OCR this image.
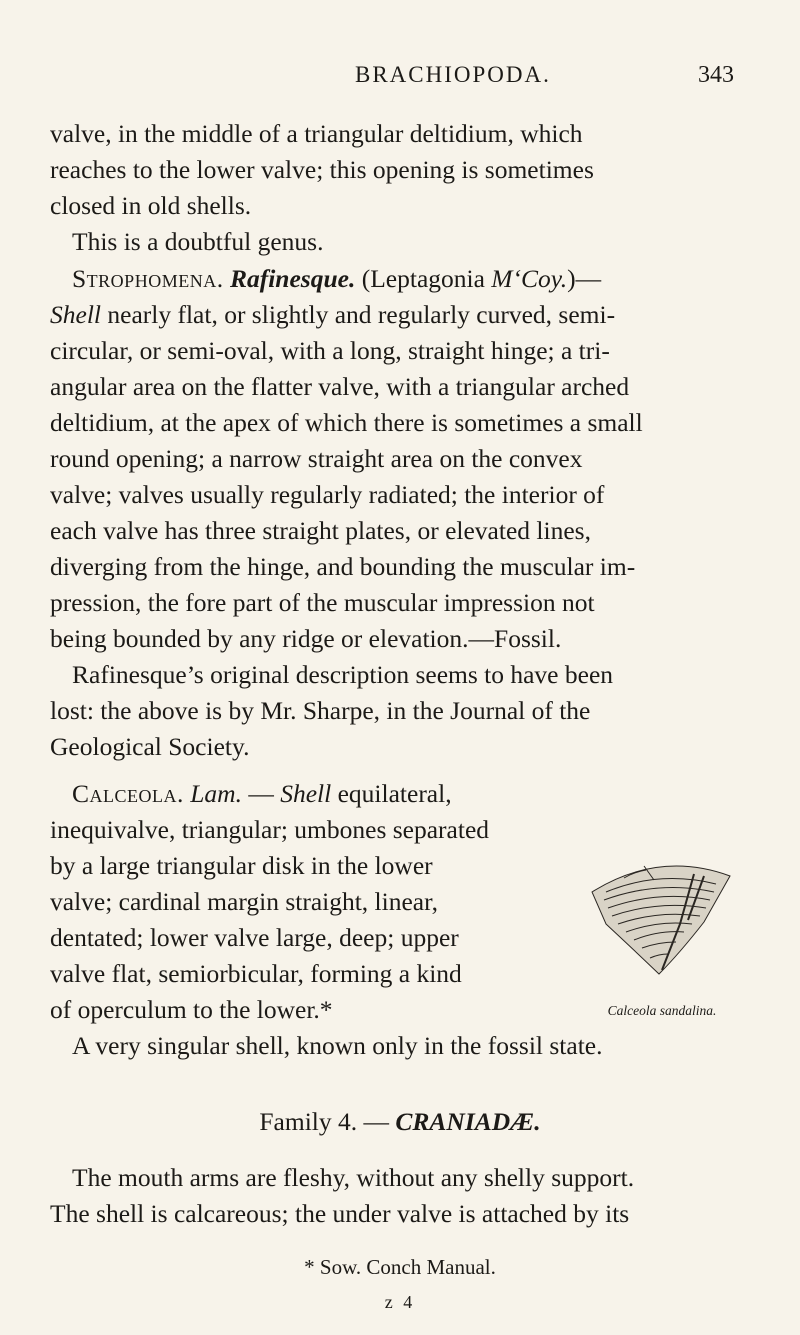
BRACHIOPODA.	343
valve, in the middle of a triangular deltidium, which
reaches to the lower valve; this opening is sometimes
closed in old shells.
This is a doubtful genus.
Strophomena. Rafinesque. (Leptagonia M‘Coy.)—
Shell nearly flat, or slightly and regularly curved, semi-
circular, or semi-oval, with a long, straight hinge; a tri-
angular area on the flatter valve, with a triangular arched
deltidium, at the apex of which there is sometimes a small
round opening; a narrow straight area on the convex
valve; valves usually regularly radiated; the interior of
each valve has three straight plates, or elevated lines,
diverging from the hinge, and bounding the muscular im-
pression, the fore part of the muscular impression not
being bounded by any ridge or elevation.—Fossil.
Rafinesque’s original description seems to have been
lost: the above is by Mr. Sharpe, in the Journal of the
Geological Society.
Calceola. Lam. — Shell equilateral,
inequivalve, triangular; umbones separated
by a large triangular disk in the lower
valve; cardinal margin straight, linear,
dentated; lower valve large, deep; upper
valve flat, semiorbicular, forming a kind
of operculum to the lower.*	Calceola sandalina.
A very singular shell, known only in the fossil state.
Family 4. — CRANIADÆ.
The mouth arms are fleshy, without any shelly support.
The shell is calcareous; the under valve is attached by its
* Sow. Conch Manual.
z 4
